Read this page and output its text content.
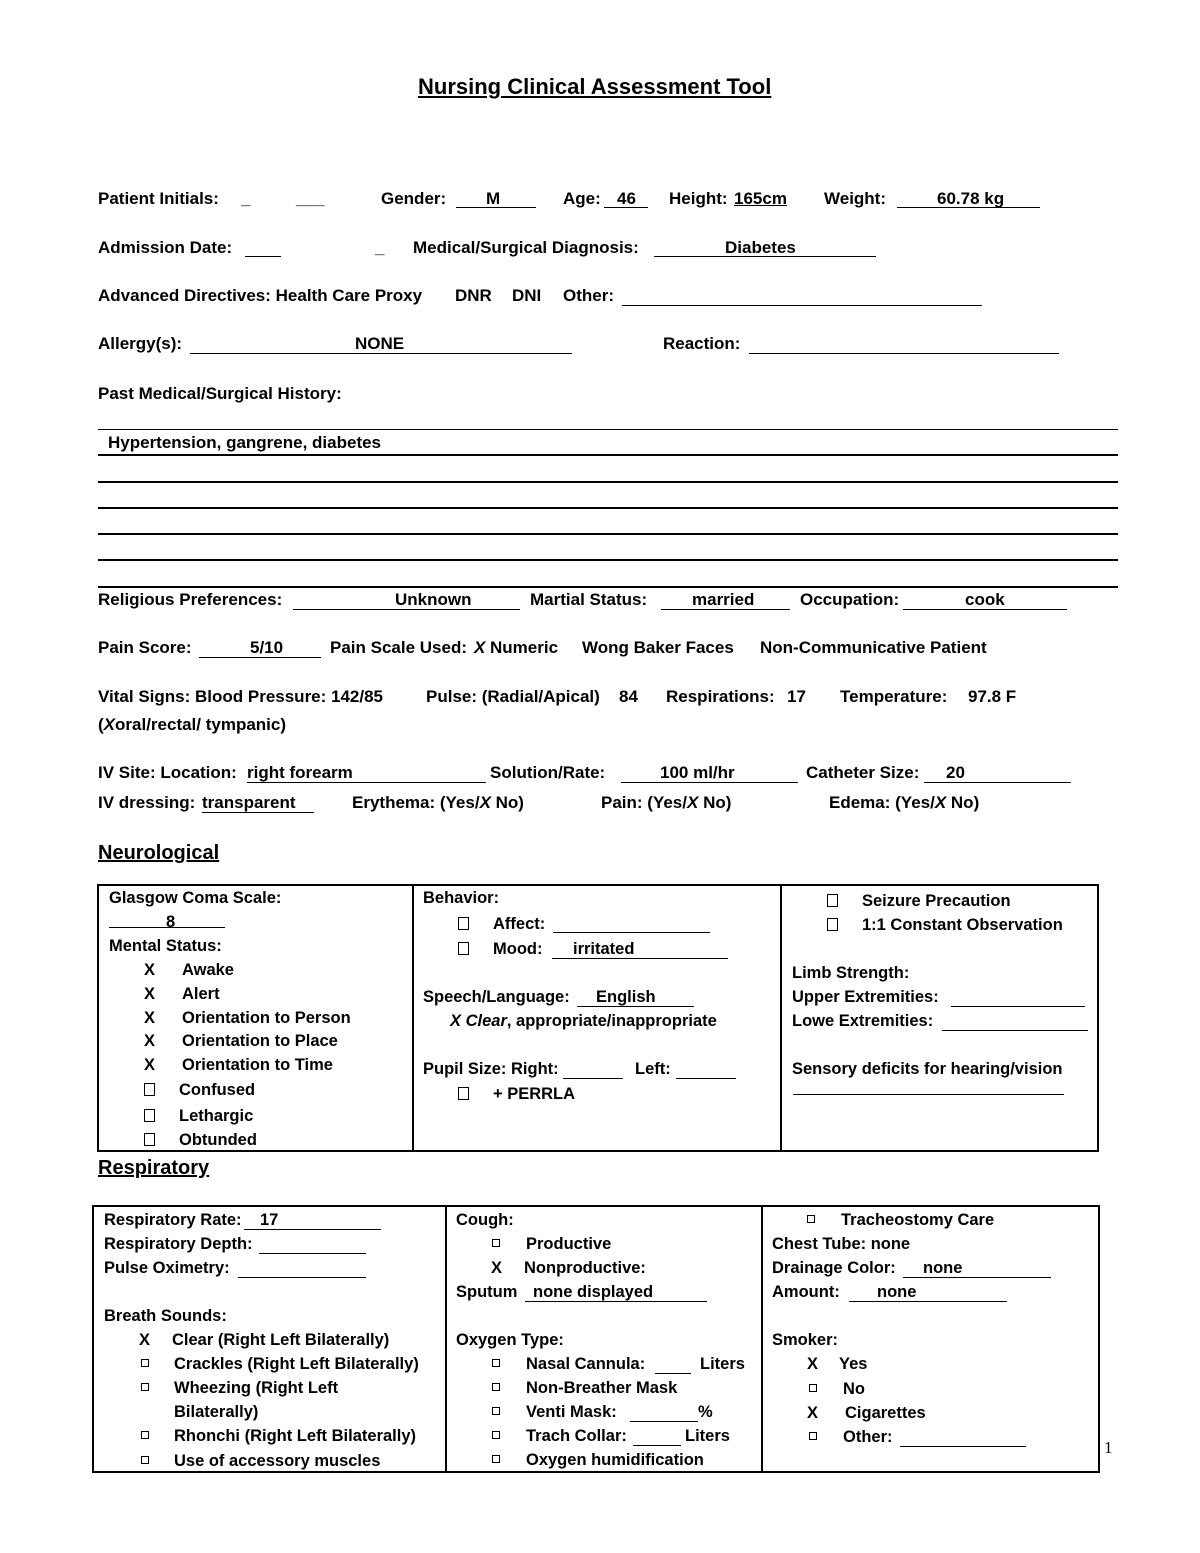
Nursing Clinical Assessment Tool
Patient Initials: _	___	Gender: M	Age: 46 Height: 165cm Weight:	60.78 kg
Admission Date:	_ Medical/Surgical Diagnosis:	Diabetes
Advanced Directives: Health Care Proxy DNR DNI Other:
Allergy(s):	NONE	Reaction:
Past Medical/Surgical History:
Hypertension, gangrene, diabetes
Religious Preferences:	Unknown	Martial Status:	married	Occupation:	cook
Pain Score:	5/10	Pain Scale Used: X Numeric Wong Baker Faces Non-Communicative Patient
Vital Signs: Blood Pressure: 142/85	Pulse: (Radial/Apical) 84 Respirations: 17 Temperature: 97.8 F
(Xoral/rectal/ tympanic)
IV Site: Location: right forearm	Solution/Rate:	100 ml/hr	Catheter Size: 20
IV dressing: transparent	Erythema: (Yes/X No)	Pain: (Yes/X No)	Edema: (Yes/X No)
Neurological
Glasgow Coma Scale:
8
Mental Status:
X Awake
X Alert
X Orientation to Person
X Orientation to Place
X Orientation to Time
Confused
Lethargic
Obtunded

Behavior:
Affect:
Mood: irritated
Speech/Language: English
X Clear, appropriate/inappropriate
Pupil Size: Right:	Left:
+ PERRLA

Seizure Precaution
1:1 Constant Observation
Limb Strength:
Upper Extremities:
Lowe Extremities:
Sensory deficits for hearing/vision
Respiratory
Respiratory Rate: 17
Respiratory Depth:
Pulse Oximetry:
Breath Sounds:
X Clear (Right Left Bilaterally)
Crackles (Right Left Bilaterally)
Wheezing (Right Left
Bilaterally)
Rhonchi (Right Left Bilaterally)
Use of accessory muscles

Cough:
Productive
X Nonproductive:
Sputum none displayed
Oxygen Type:
Nasal Cannula:	Liters
Non-Breather Mask
Venti Mask:	%
Trach Collar:	Liters
Oxygen humidification

Tracheostomy Care
Chest Tube: none
Drainage Color: none
Amount: none
Smoker:
X Yes
No
X Cigarettes
Other:
1
